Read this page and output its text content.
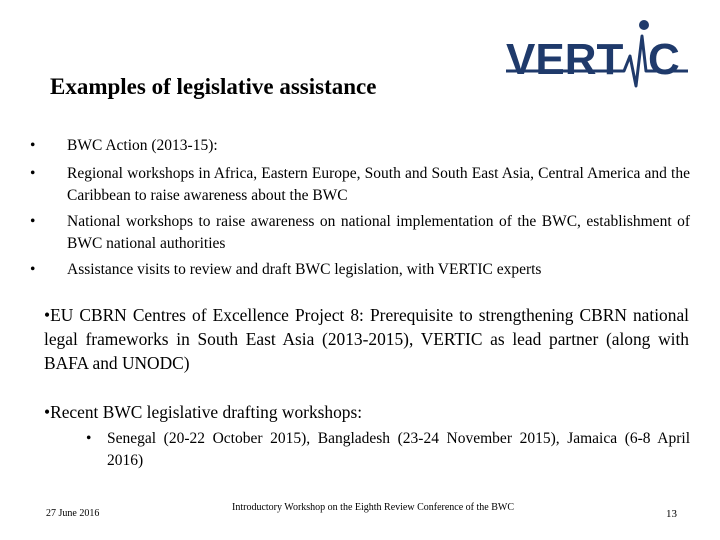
VERT C
Examples of legislative assistance
• BWC Action (2013-15):
• Regional workshops in Africa, Eastern Europe, South and South East Asia, Central America and the Caribbean to raise awareness about the BWC
• National workshops to raise awareness on national implementation of the BWC, establishment of BWC national authorities
• Assistance visits to review and draft BWC legislation, with VERTIC experts
•EU CBRN Centres of Excellence Project 8: Prerequisite to strengthening CBRN national legal frameworks in South East Asia (2013-2015), VERTIC as lead partner (along with BAFA and UNODC)
•Recent BWC legislative drafting workshops:
• Senegal (20-22 October 2015), Bangladesh (23-24 November 2015), Jamaica (6-8 April 2016)
27 June 2016
Introductory Workshop on the Eighth Review Conference of the BWC
13
